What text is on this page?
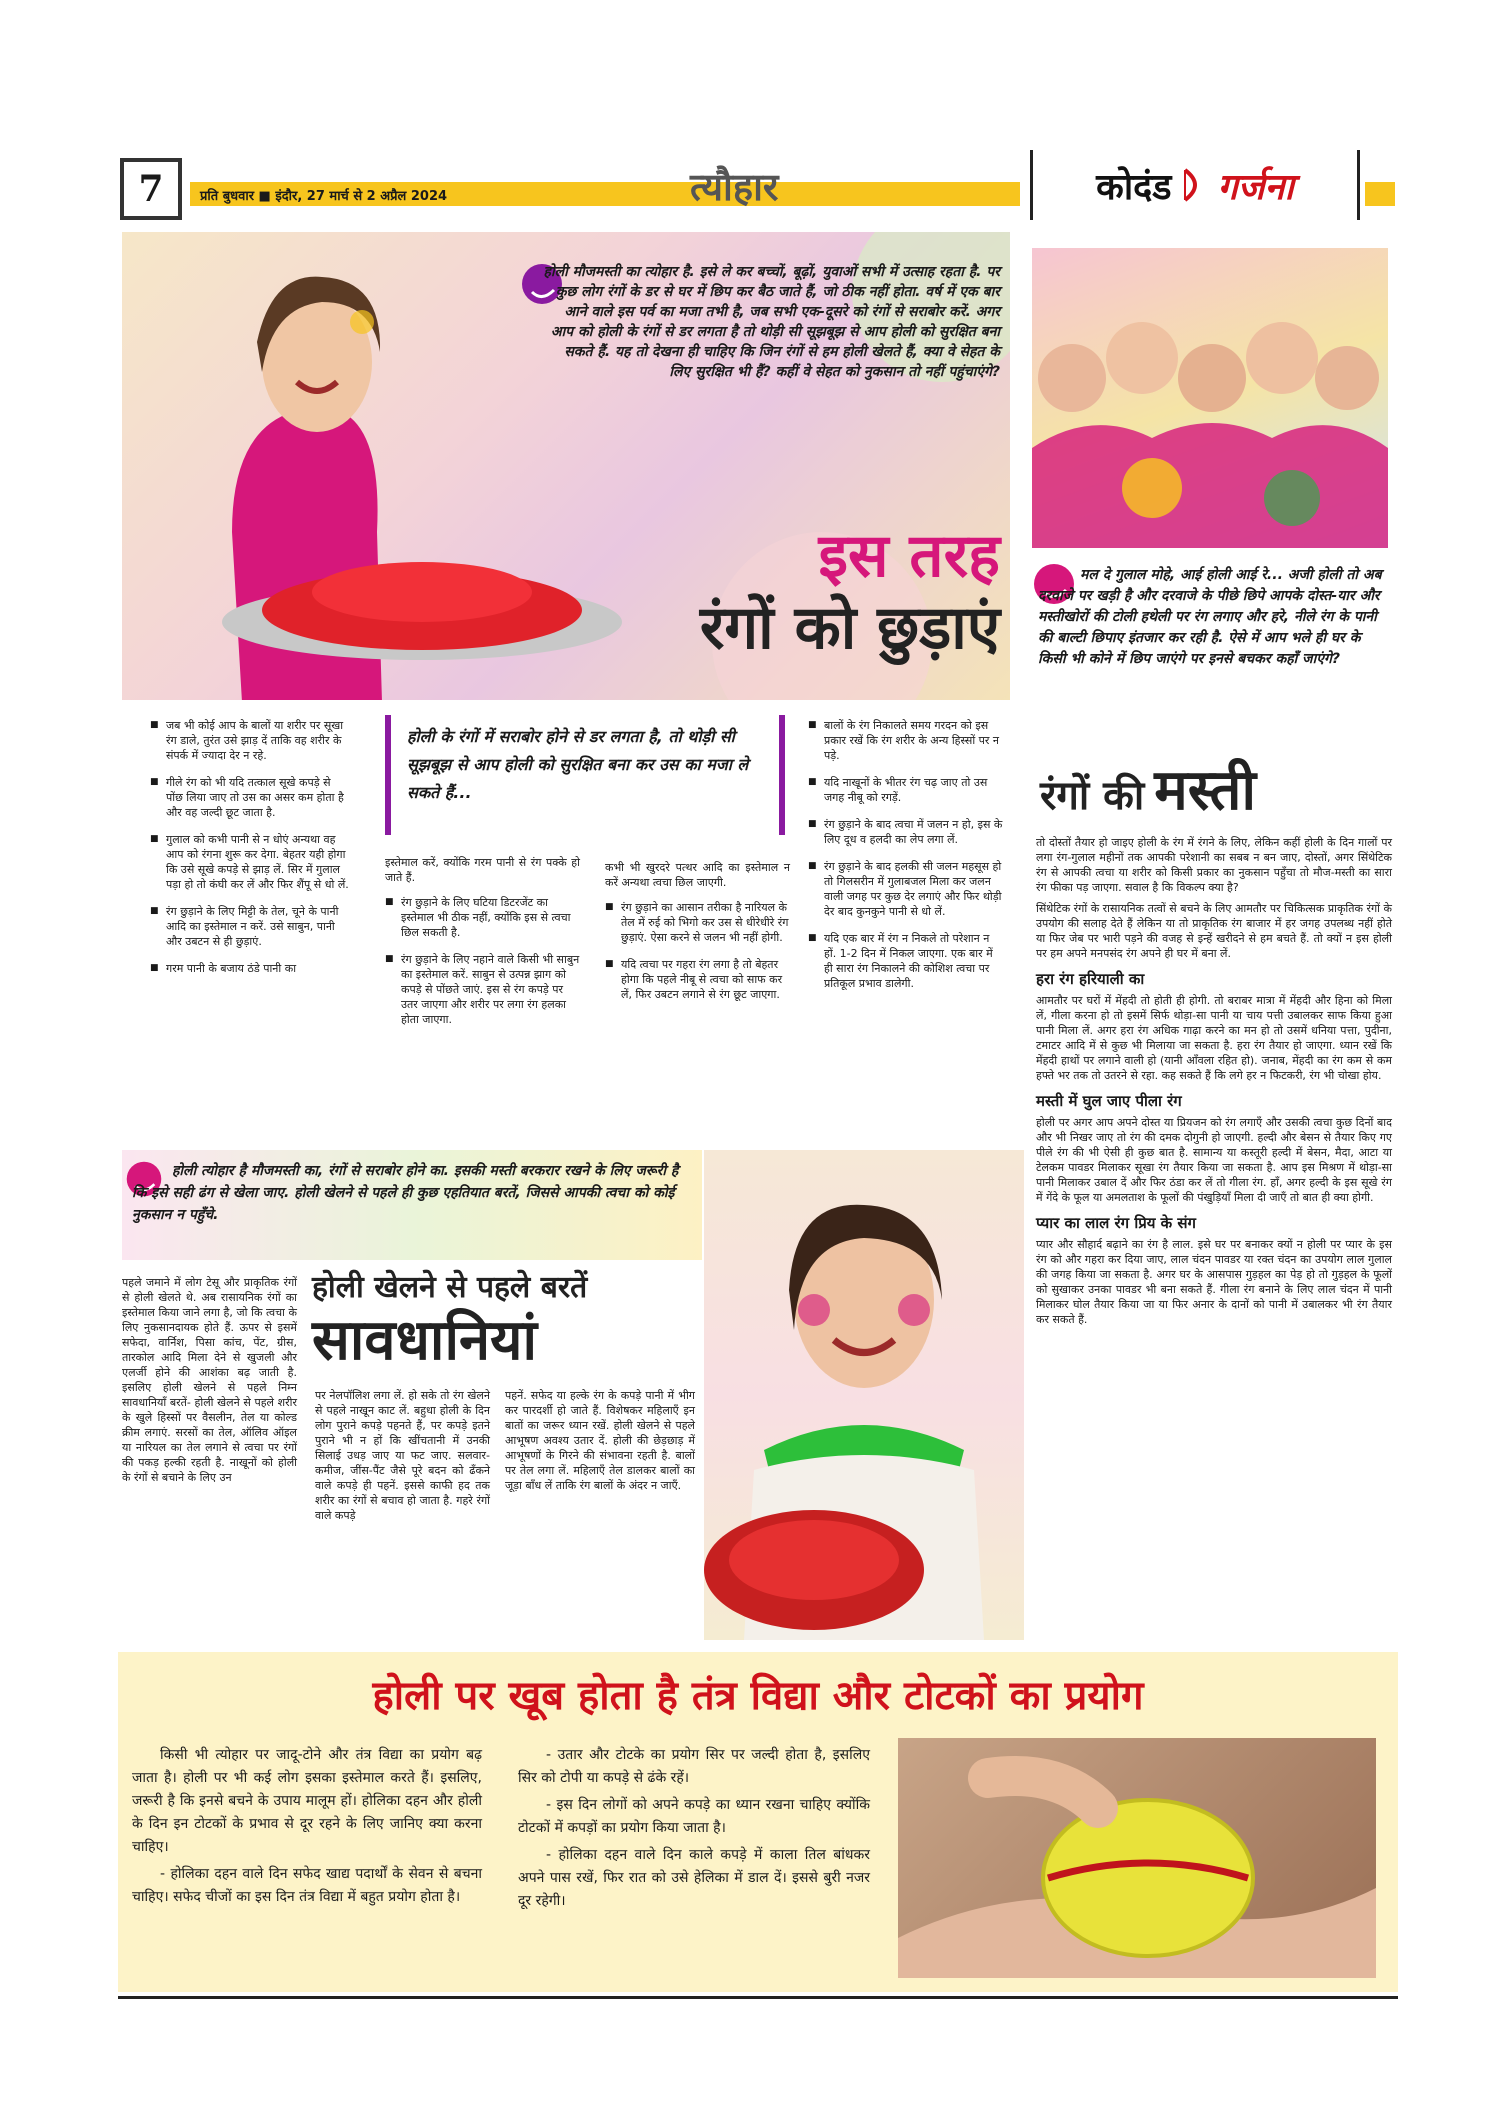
7	प्रति बुधवार ■ इंदौर, 27 मार्च से 2 अप्रैल 2024	त्यौहार	कोदंड गर्जना

होली मौजमस्ती का त्योहार है. इसे ले कर बच्चों, बूढ़ों, युवाओं सभी में उत्साह रहता है. पर कुछ लोग रंगों के डर से घर में छिप कर बैठ जाते हैं, जो ठीक नहीं होता. वर्ष में एक बार आने वाले इस पर्व का मजा तभी है, जब सभी एक-दूसरे को रंगों से सराबोर करें. अगर आप को होली के रंगों से डर लगता है तो थोड़ी सी सूझबूझ से आप होली को सुरक्षित बना सकते हैं. यह तो देखना ही चाहिए कि जिन रंगों से हम होली खेलते हैं, क्या वे सेहत के लिए सुरक्षित भी हैं? कहीं वे सेहत को नुकसान तो नहीं पहुंचाएंगे?

इस तरह
रंगों को छुड़ाएं
■ जब भी कोई आप के बालों या शरीर पर सूखा रंग डाले, तुरंत उसे झाड़ दें ताकि वह शरीर के संपर्क में ज्यादा देर न रहे.
■ गीले रंग को भी यदि तत्काल सूखे कपड़े से पोंछ लिया जाए तो उस का असर कम होता है और वह जल्दी छूट जाता है.
■ गुलाल को कभी पानी से न धोएं अन्यथा वह आप को रंगना शुरू कर देगा. बेहतर यही होगा कि उसे सूखे कपड़े से झाड़ लें. सिर में गुलाल पड़ा हो तो कंघी कर लें और फिर शैंपू से धो लें.
■ रंग छुड़ाने के लिए मिट्टी के तेल, चूने के पानी आदि का इस्तेमाल न करें. उसे साबुन, पानी और उबटन से ही छुड़ाएं.
■ गरम पानी के बजाय ठंडे पानी का

होली के रंगों में सराबोर होने से डर लगता है, तो थोड़ी सी सूझबूझ से आप होली को सुरक्षित बना कर उस का मजा ले सकते हैं...

इस्तेमाल करें, क्योंकि गरम पानी से रंग पक्के हो जाते हैं.

■ रंग छुड़ाने के लिए घटिया डिटरजेंट का इस्तेमाल भी ठीक नहीं, क्योंकि इस से त्वचा छिल सकती है.
■ रंग छुड़ाने के लिए नहाने वाले किसी भी साबुन का इस्तेमाल करें. साबुन से उत्पन्न झाग को कपड़े से पोंछते जाएं. इस से रंग कपड़े पर उतर जाएगा और शरीर पर लगा रंग हलका होता जाएगा.

कभी भी खुरदरे पत्थर आदि का इस्तेमाल न करें अन्यथा त्वचा छिल जाएगी.

■ रंग छुड़ाने का आसान तरीका है नारियल के तेल में रुई को भिगो कर उस से धीरेधीरे रंग छुड़ाएं. ऐसा करने से जलन भी नहीं होगी.
■ यदि त्वचा पर गहरा रंग लगा है तो बेहतर होगा कि पहले नीबू से त्वचा को साफ कर लें, फिर उबटन लगाने से रंग छूट जाएगा.
■ बालों के रंग निकालते समय गरदन को इस प्रकार रखें कि रंग शरीर के अन्य हिस्सों पर न पड़े.
■ यदि नाखूनों के भीतर रंग चढ़ जाए तो उस जगह नीबू को रगड़ें.
■ रंग छुड़ाने के बाद त्वचा में जलन न हो, इस के लिए दूध व हलदी का लेप लगा लें.
■ रंग छुड़ाने के बाद हलकी सी जलन महसूस हो तो गिलसरीन में गुलाबजल मिला कर जलन वाली जगह पर कुछ देर लगाएं और फिर थोड़ी देर बाद कुनकुने पानी से धो लें.
■ यदि एक बार में रंग न निकले तो परेशान न हों. 1-2 दिन में निकल जाएगा. एक बार में ही सारा रंग निकालने की कोशिश त्वचा पर प्रतिकूल प्रभाव डालेगी.

मल दे गुलाल मोहे, आई होली आई रे... अजी होली तो अब दरवाजे पर खड़ी है और दरवाजे के पीछे छिपे आपके दोस्त-यार और मस्तीखोरों की टोली हथेली पर रंग लगाए और हरे, नीले रंग के पानी की बाल्टी छिपाए इंतजार कर रही है. ऐसे में आप भले ही घर के किसी भी कोने में छिप जाएंगे पर इनसे बचकर कहाँ जाएंगे?

रंगों की मस्ती

तो दोस्तों तैयार हो जाइए होली के रंग में रंगने के लिए, लेकिन कहीं होली के दिन गालों पर लगा रंग-गुलाल महीनों तक आपकी परेशानी का सबब न बन जाए, दोस्तों, अगर सिंथेटिक रंग से आपकी त्वचा या शरीर को किसी प्रकार का नुकसान पहुँचा तो मौज-मस्ती का सारा रंग फीका पड़ जाएगा. सवाल है कि विकल्प क्या है?

सिंथेटिक रंगों के रासायनिक तत्वों से बचने के लिए आमतौर पर चिकित्सक प्राकृतिक रंगों के उपयोग की सलाह देते हैं लेकिन या तो प्राकृतिक रंग बाजार में हर जगह उपलब्ध नहीं होते या फिर जेब पर भारी पड़ने की वजह से इन्हें खरीदने से हम बचते हैं. तो क्यों न इस होली पर हम अपने मनपसंद रंग अपने ही घर में बना लें.

हरा रंग हरियाली का

आमतौर पर घरों में मेंहदी तो होती ही होगी. तो बराबर मात्रा में मेंहदी और हिना को मिला लें, गीला करना हो तो इसमें सिर्फ थोड़ा-सा पानी या चाय पत्ती उबालकर साफ किया हुआ पानी मिला लें. अगर हरा रंग अधिक गाढ़ा करने का मन हो तो उसमें धनिया पत्ता, पुदीना, टमाटर आदि में से कुछ भी मिलाया जा सकता है. हरा रंग तैयार हो जाएगा. ध्यान रखें कि मेंहदी हाथों पर लगाने वाली हो (यानी आँवला रहित हो). जनाब, मेंहदी का रंग कम से कम हफ्ते भर तक तो उतरने से रहा. कह सकते हैं कि लगे हर न फिटकरी, रंग भी चोखा होय.

मस्ती में घुल जाए पीला रंग

होली पर अगर आप अपने दोस्त या प्रियजन को रंग लगाएँ और उसकी त्वचा कुछ दिनों बाद और भी निखर जाए तो रंग की दमक दोगुनी हो जाएगी. हल्दी और बेसन से तैयार किए गए पीले रंग की भी ऐसी ही कुछ बात है. सामान्य या कस्तूरी हल्दी में बेसन, मैदा, आटा या टेलकम पावडर मिलाकर सूखा रंग तैयार किया जा सकता है. आप इस मिश्रण में थोड़ा-सा पानी मिलाकर उबाल दें और फिर ठंडा कर लें तो गीला रंग. हाँ, अगर हल्दी के इस सूखे रंग में गेंदे के फूल या अमलताश के फूलों की पंखुड़ियाँ मिला दी जाएँ तो बात ही क्या होगी.

प्यार का लाल रंग प्रिय के संग

प्यार और सौहार्द बढ़ाने का रंग है लाल. इसे घर पर बनाकर क्यों न होली पर प्यार के इस रंग को और गहरा कर दिया जाए, लाल चंदन पावडर या रक्त चंदन का उपयोग लाल गुलाल की जगह किया जा सकता है. अगर घर के आसपास गुड़हल का पेड़ हो तो गुड़हल के फूलों को सुखाकर उनका पावडर भी बना सकते हैं. गीला रंग बनाने के लिए लाल चंदन में पानी मिलाकर घोल तैयार किया जा या फिर अनार के दानों को पानी में उबालकर भी रंग तैयार कर सकते हैं.

होली त्योहार है मौजमस्ती का, रंगों से सराबोर होने का. इसकी मस्ती बरकरार रखने के लिए जरूरी है कि इसे सही ढंग से खेला जाए. होली खेलने से पहले ही कुछ एहतियात बरतें, जिससे आपकी त्वचा को कोई नुकसान न पहुँचे.

होली खेलने से पहले बरतें
सावधानियां

पहले जमाने में लोग टेसू और प्राकृतिक रंगों से होली खेलते थे. अब रासायनिक रंगों का इस्तेमाल किया जाने लगा है, जो कि त्वचा के लिए नुकसानदायक होते हैं. ऊपर से इसमें सफेदा, वार्निश, पिसा कांच, पेंट, ग्रीस, तारकोल आदि मिला देने से खुजली और एलर्जी होने की आशंका बढ़ जाती है. इसलिए होली खेलने से पहले निम्न सावधानियाँ बरतें- होली खेलने से पहले शरीर के खुले हिस्सों पर वैसलीन, तेल या कोल्ड क्रीम लगाएं. सरसों का तेल, ऑलिव ऑइल या नारियल का तेल लगाने से त्वचा पर रंगों की पकड़ हल्की रहती है. नाखूनों को होली के रंगों से बचाने के लिए उन

पर नेलपॉलिश लगा लें. हो सके तो रंग खेलने से पहले नाखून काट लें. बहुधा होली के दिन लोग पुराने कपड़े पहनते हैं, पर कपड़े इतने पुराने भी न हों कि खींचतानी में उनकी सिलाई उधड़ जाए या फट जाए. सलवार-कमीज, जींस-पैंट जैसे पूरे बदन को ढँकने वाले कपड़े ही पहनें. इससे काफी हद तक शरीर का रंगों से बचाव हो जाता है. गहरे रंगों वाले कपड़े

पहनें. सफेद या हल्के रंग के कपड़े पानी में भीग कर पारदर्शी हो जाते हैं. विशेषकर महिलाएँ इन बातों का जरूर ध्यान रखें. होली खेलने से पहले आभूषण अवश्य उतार दें. होली की छेड़छाड़ में आभूषणों के गिरने की संभावना रहती है. बालों पर तेल लगा लें. महिलाएँ तेल डालकर बालों का जूड़ा बाँध लें ताकि रंग बालों के अंदर न जाएँ.

होली पर खूब होता है तंत्र विद्या और टोटकों का प्रयोग

किसी भी त्योहार पर जादू-टोने और तंत्र विद्या का प्रयोग बढ़ जाता है। होली पर भी कई लोग इसका इस्तेमाल करते हैं। इसलिए, जरूरी है कि इनसे बचने के उपाय मालूम हों। होलिका दहन और होली के दिन इन टोटकों के प्रभाव से दूर रहने के लिए जानिए क्या करना चाहिए।

- होलिका दहन वाले दिन सफेद खाद्य पदार्थों के सेवन से बचना चाहिए। सफेद चीजों का इस दिन तंत्र विद्या में बहुत प्रयोग होता है।

- उतार और टोटके का प्रयोग सिर पर जल्दी होता है, इसलिए सिर को टोपी या कपड़े से ढंके रहें।

- इस दिन लोगों को अपने कपड़े का ध्यान रखना चाहिए क्योंकि टोटकों में कपड़ों का प्रयोग किया जाता है।

- होलिका दहन वाले दिन काले कपड़े में काला तिल बांधकर अपने पास रखें, फिर रात को उसे हेलिका में डाल दें। इससे बुरी नजर दूर रहेगी।
